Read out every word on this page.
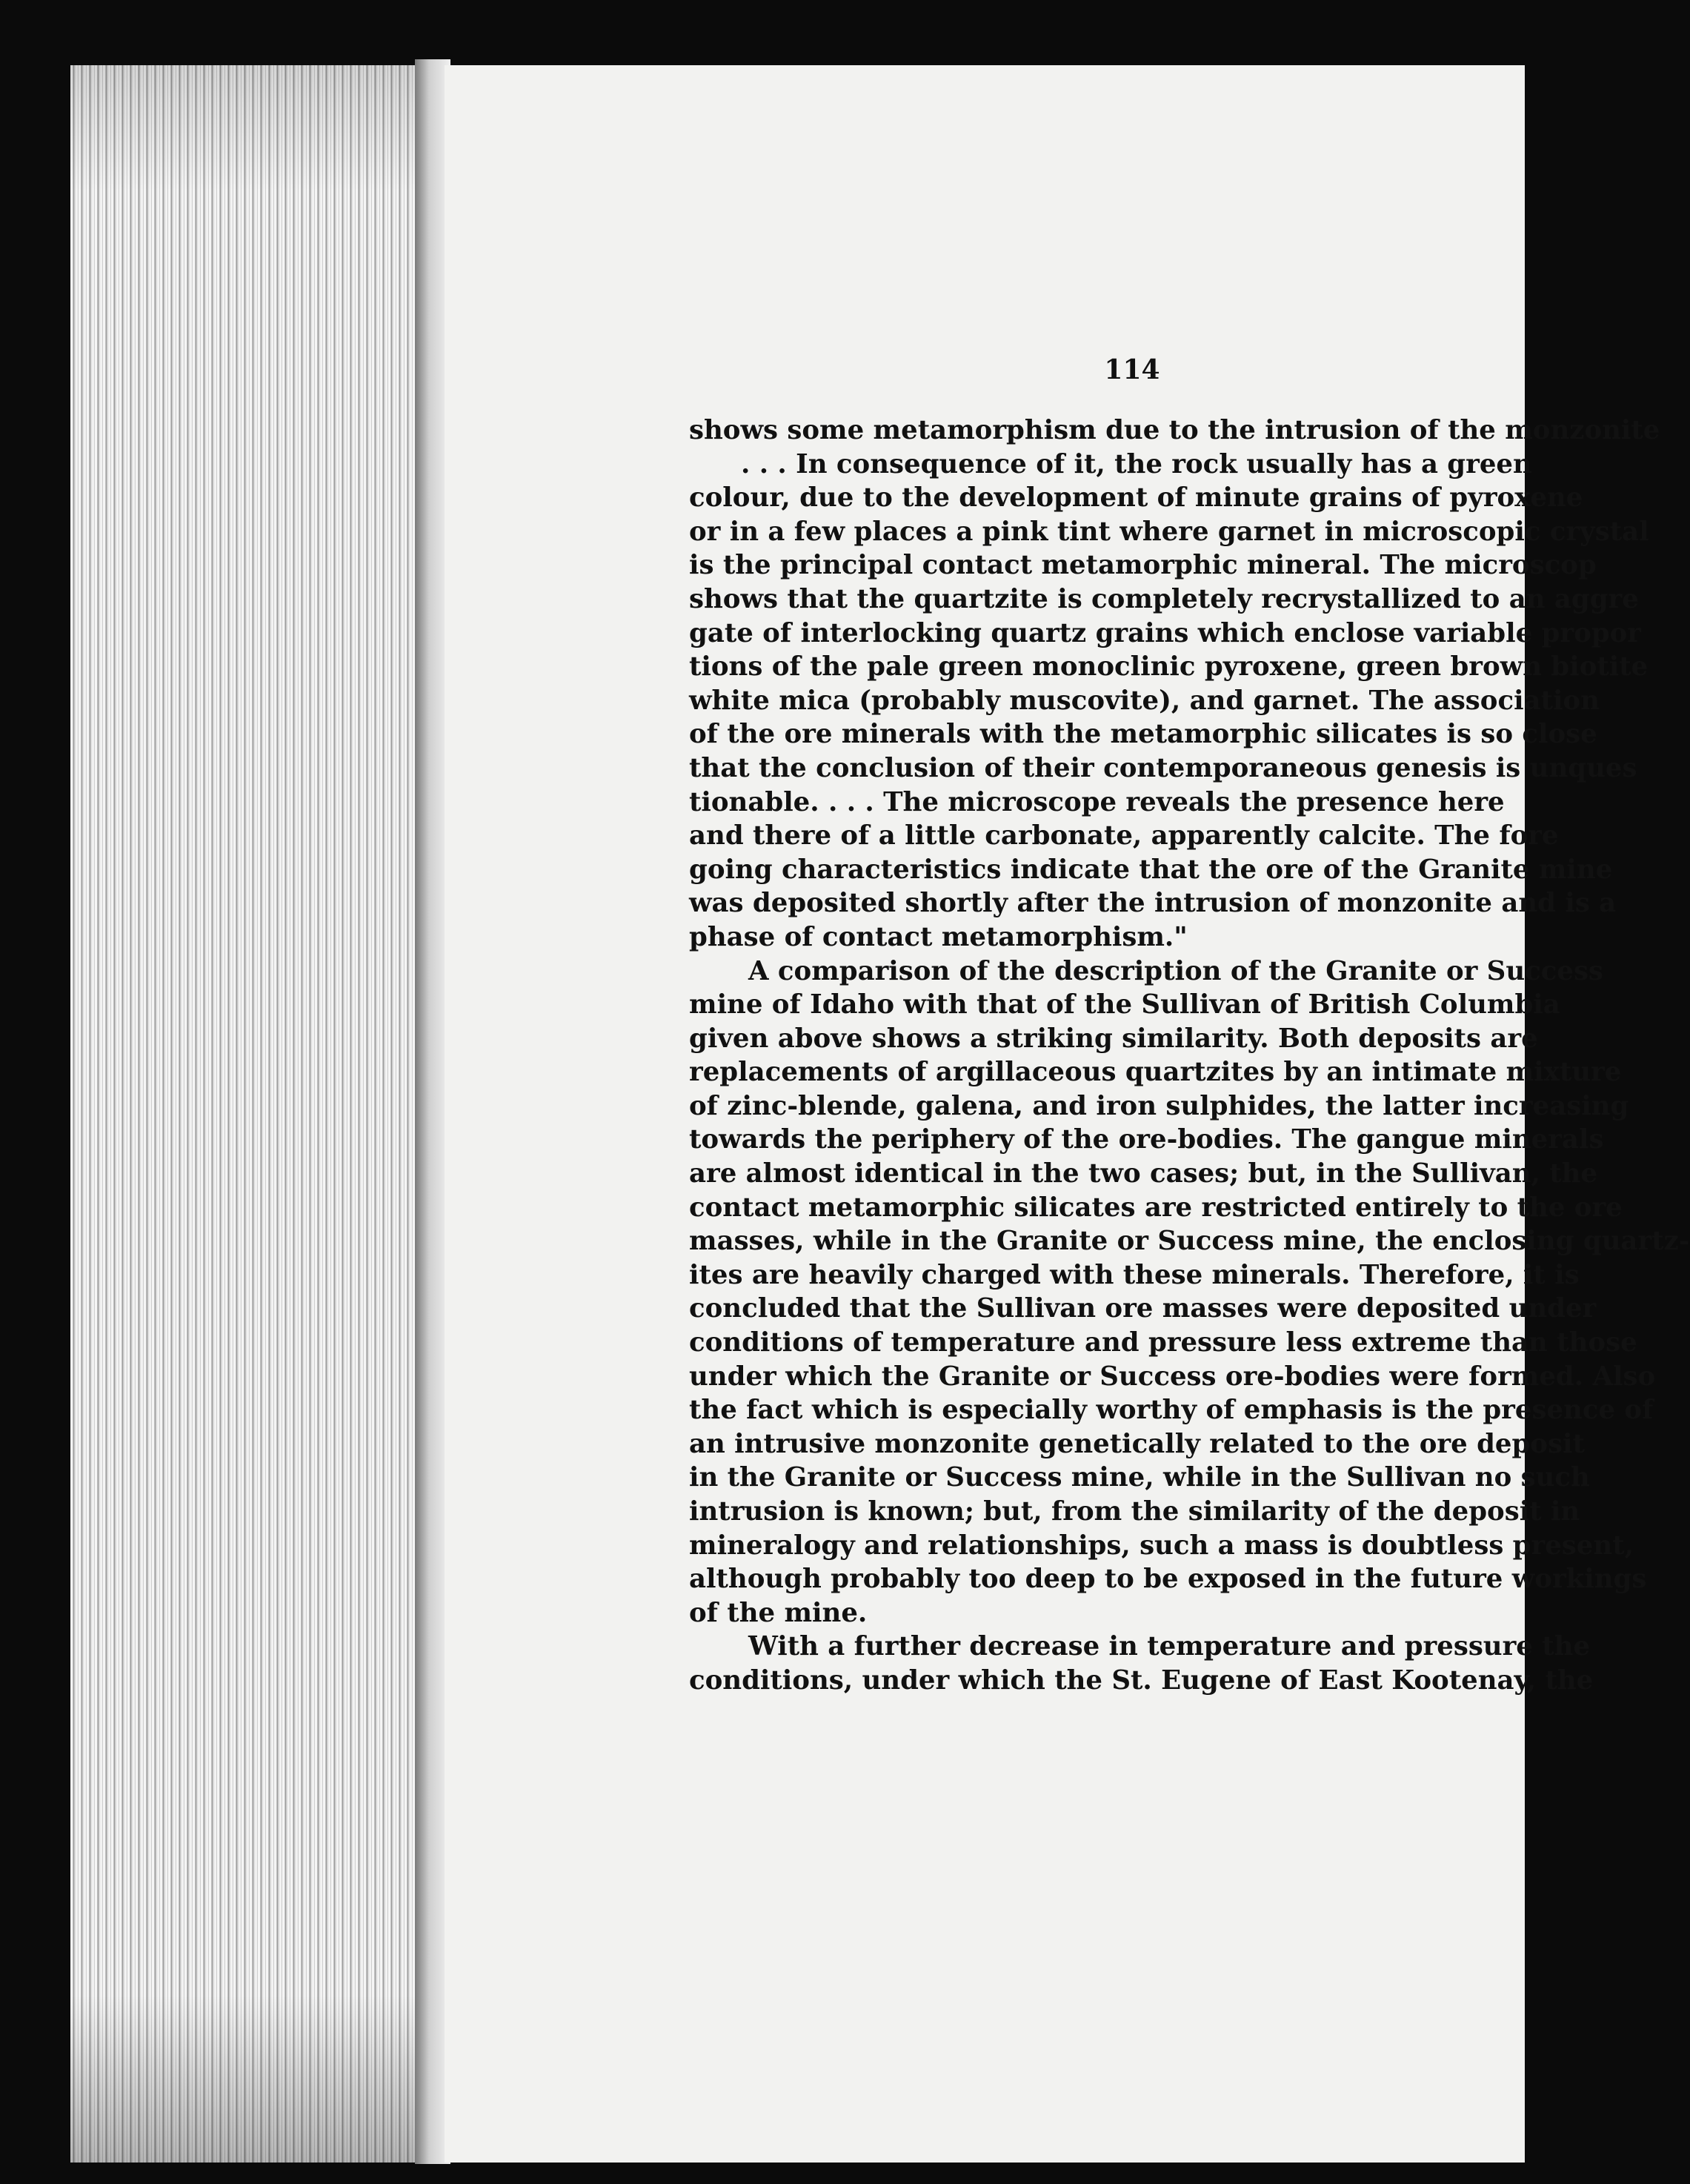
114
shows some metamorphism due to the intrusion of the monzonite
. . . In consequence of it, the rock usually has a green
colour, due to the development of minute grains of pyroxene
or in a few places a pink tint where garnet in microscopic crystal
is the principal contact metamorphic mineral. The microscop
shows that the quartzite is completely recrystallized to an aggre
gate of interlocking quartz grains which enclose variable propor
tions of the pale green monoclinic pyroxene, green brown biotite
white mica (probably muscovite), and garnet. The association
of the ore minerals with the metamorphic silicates is so close
that the conclusion of their contemporaneous genesis is unques
tionable. . . . The microscope reveals the presence here
and there of a little carbonate, apparently calcite. The fore
going characteristics indicate that the ore of the Granite mine
was deposited shortly after the intrusion of monzonite and is a
phase of contact metamorphism."
A comparison of the description of the Granite or Success
mine of Idaho with that of the Sullivan of British Columbia
given above shows a striking similarity. Both deposits are
replacements of argillaceous quartzites by an intimate mixture
of zinc-blende, galena, and iron sulphides, the latter increasing
towards the periphery of the ore-bodies. The gangue minerals
are almost identical in the two cases; but, in the Sullivan, the
contact metamorphic silicates are restricted entirely to the ore
masses, while in the Granite or Success mine, the enclosing quartz-
ites are heavily charged with these minerals. Therefore, it is
concluded that the Sullivan ore masses were deposited under
conditions of temperature and pressure less extreme than those
under which the Granite or Success ore-bodies were formed. Also
the fact which is especially worthy of emphasis is the presence of
an intrusive monzonite genetically related to the ore deposit
in the Granite or Success mine, while in the Sullivan no such
intrusion is known; but, from the similarity of the deposit in
mineralogy and relationships, such a mass is doubtless present,
although probably too deep to be exposed in the future workings
of the mine.
With a further decrease in temperature and pressure the
conditions, under which the St. Eugene of East Kootenay, the
